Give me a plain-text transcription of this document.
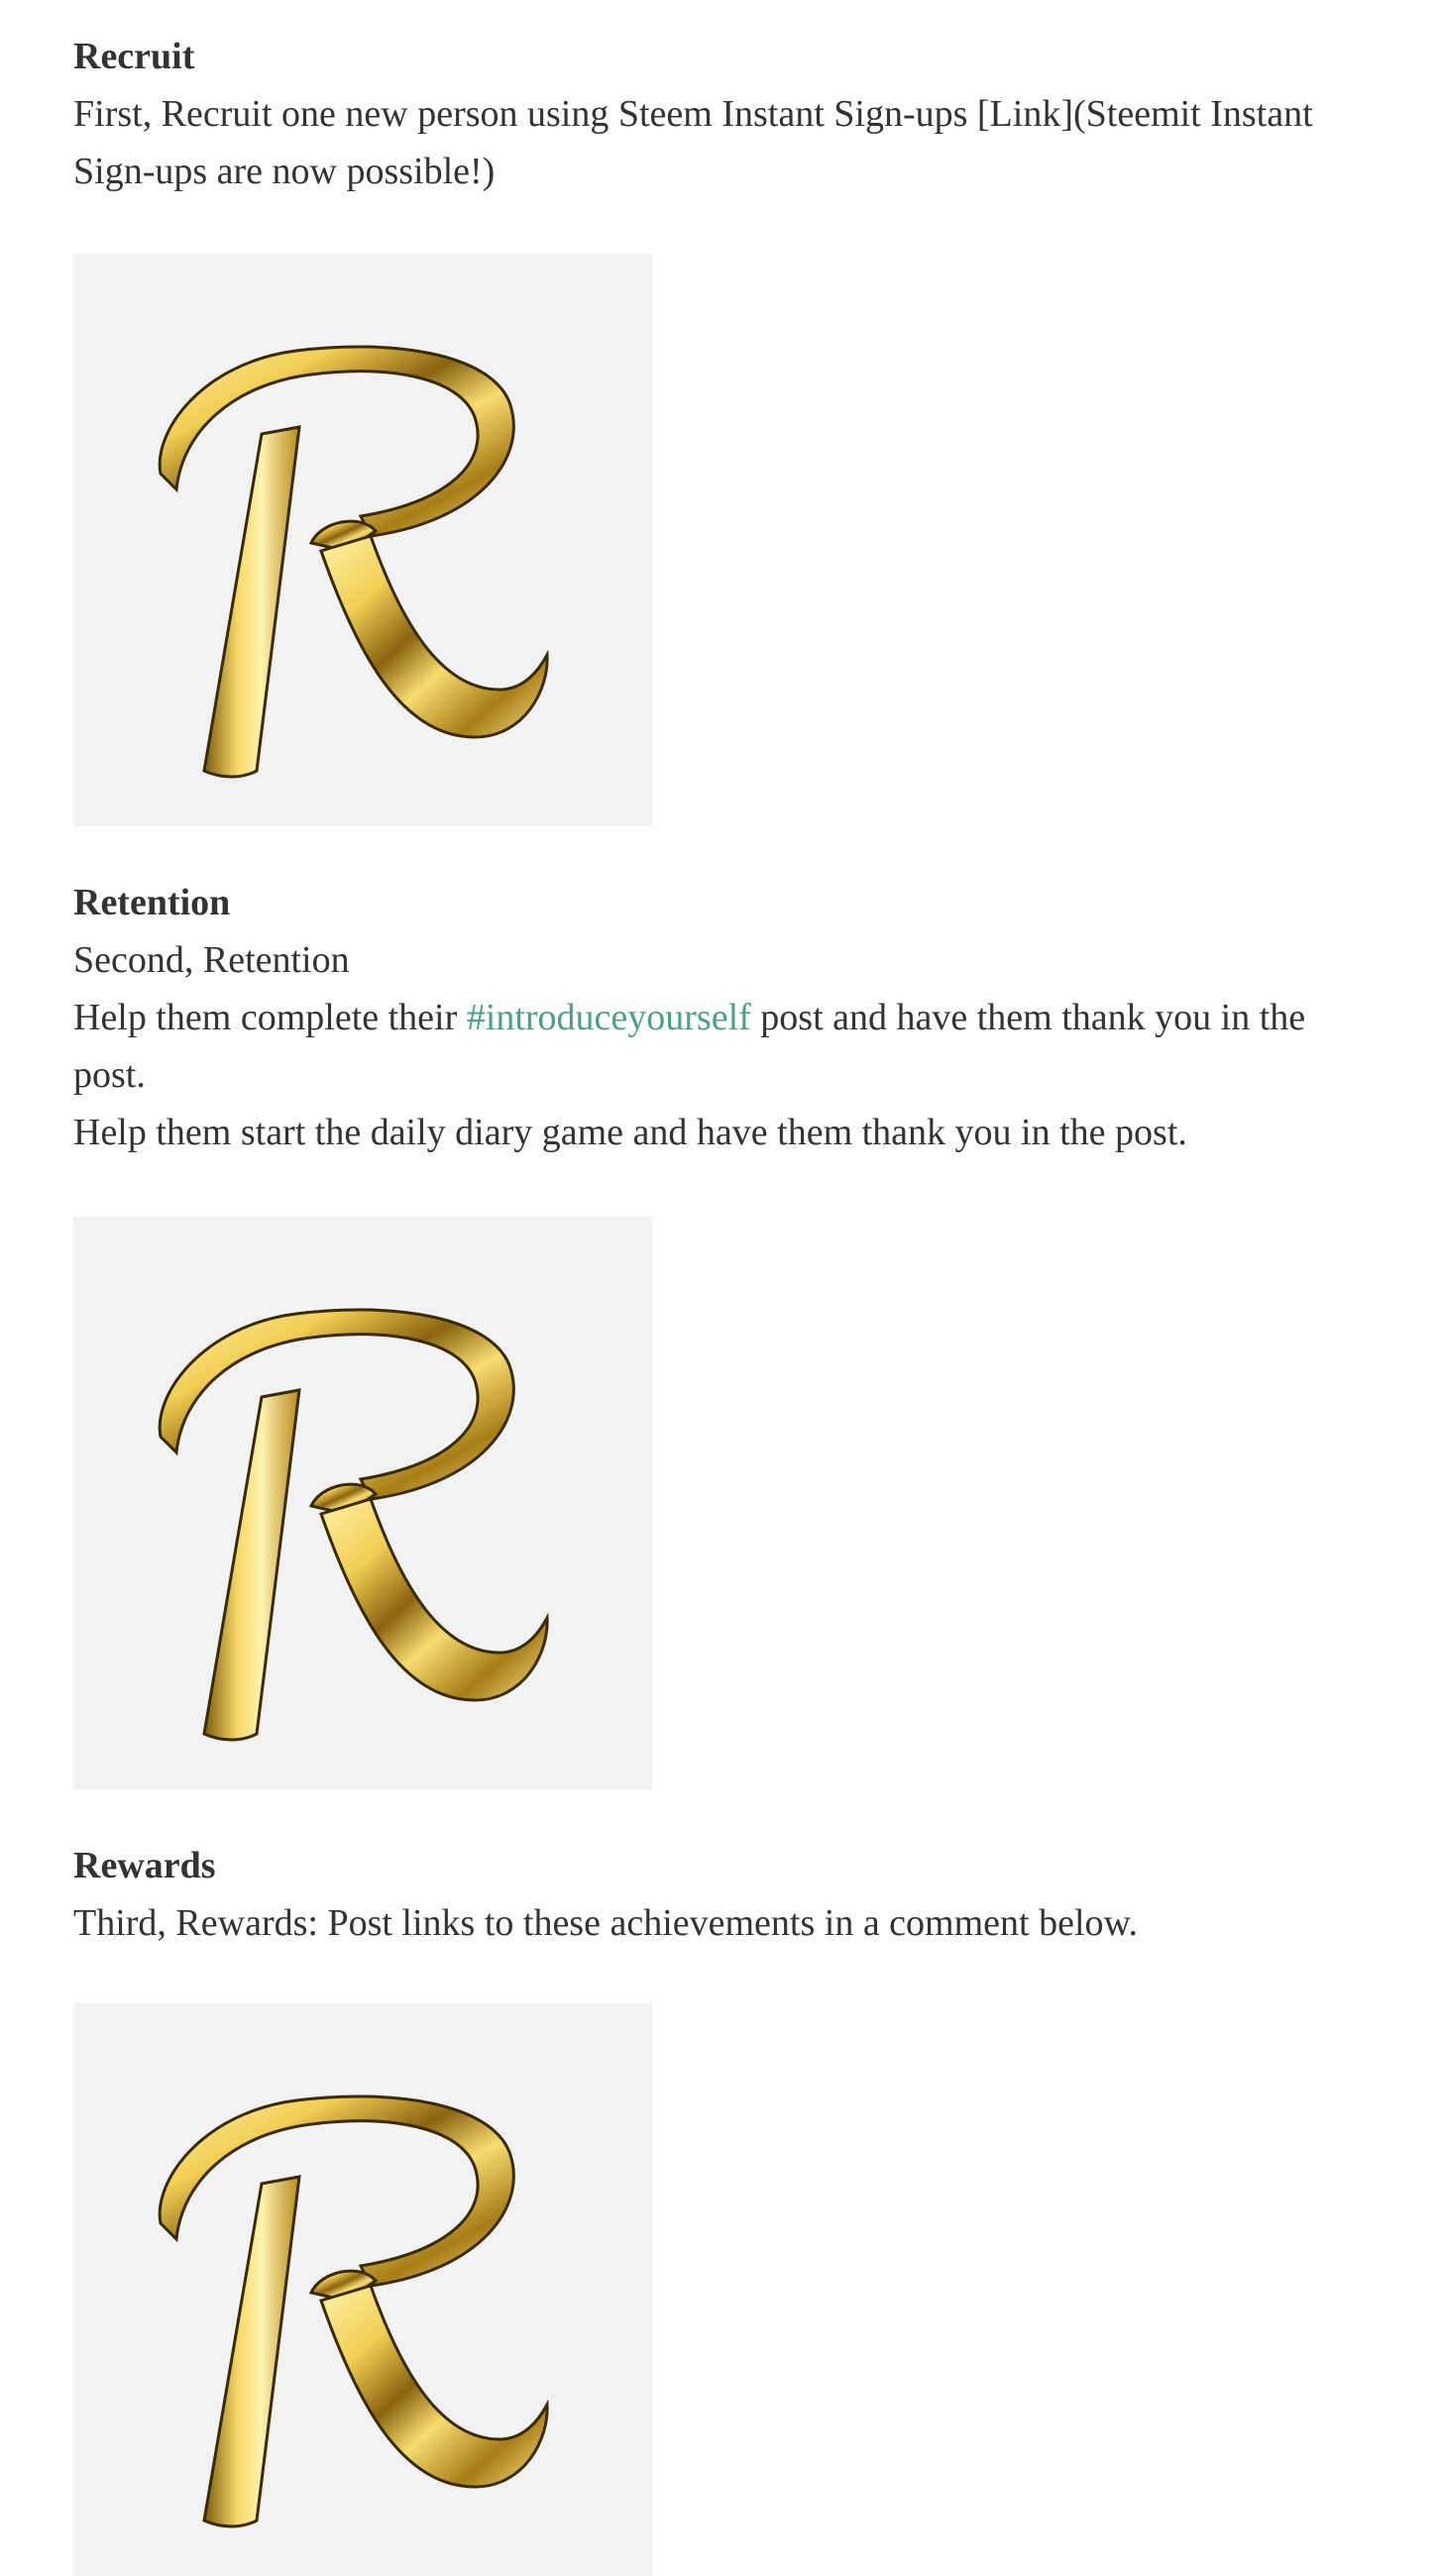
Recruit

First, Recruit one new person using Steem Instant Sign-ups [Link](Steemit Instant Sign-ups are now possible!)

Retention

Second, Retention

Help them complete their #introduceyourself post and have them thank you in the post.

Help them start the daily diary game and have them thank you in the post.

Rewards

Third, Rewards: Post links to these achievements in a comment below.
